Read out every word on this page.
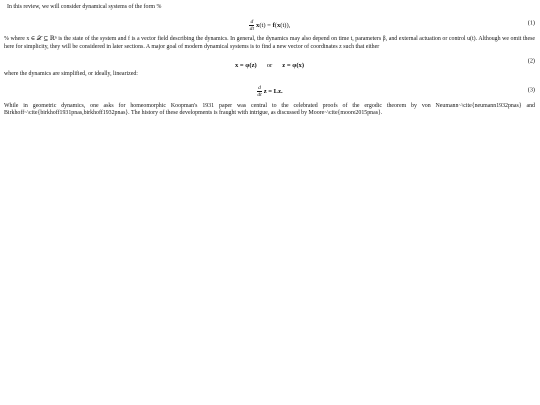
In this review, we will consider dynamical systems of the form %

$\frac{d}{dt} x(t) = f(x(t))$,	(1)

% where x ∈ 𝒳 ⊆ ℝⁿ is the state of the system and f is a vector field describing the dynamics. In general, the dynamics may also depend on time t, parameters β, and external actuation or control u(t). Although we omit these here for simplicity, they will be considered in later sections. A major goal of modern dynamical systems is to find a new vector of coordinates z such that either

x = φ(z) or z = φ(x)
(2)

where the dynamics are simplified, or ideally, linearized:

$\frac{d}{dt}$ z = Lz.	(3)

While in geometric dynamics, one asks for homeomorphic Koopman's 1931 paper was central to the celebrated proofs of the ergodic theorem by von Neumann~\cite{neumann1932pnas} and Birkhoff~\cite{birkhoff1931pnas,birkhoff1932pnas}. The history of these developments is fraught with intrigue, as discussed by Moore~\cite{moore2015pnas}.
